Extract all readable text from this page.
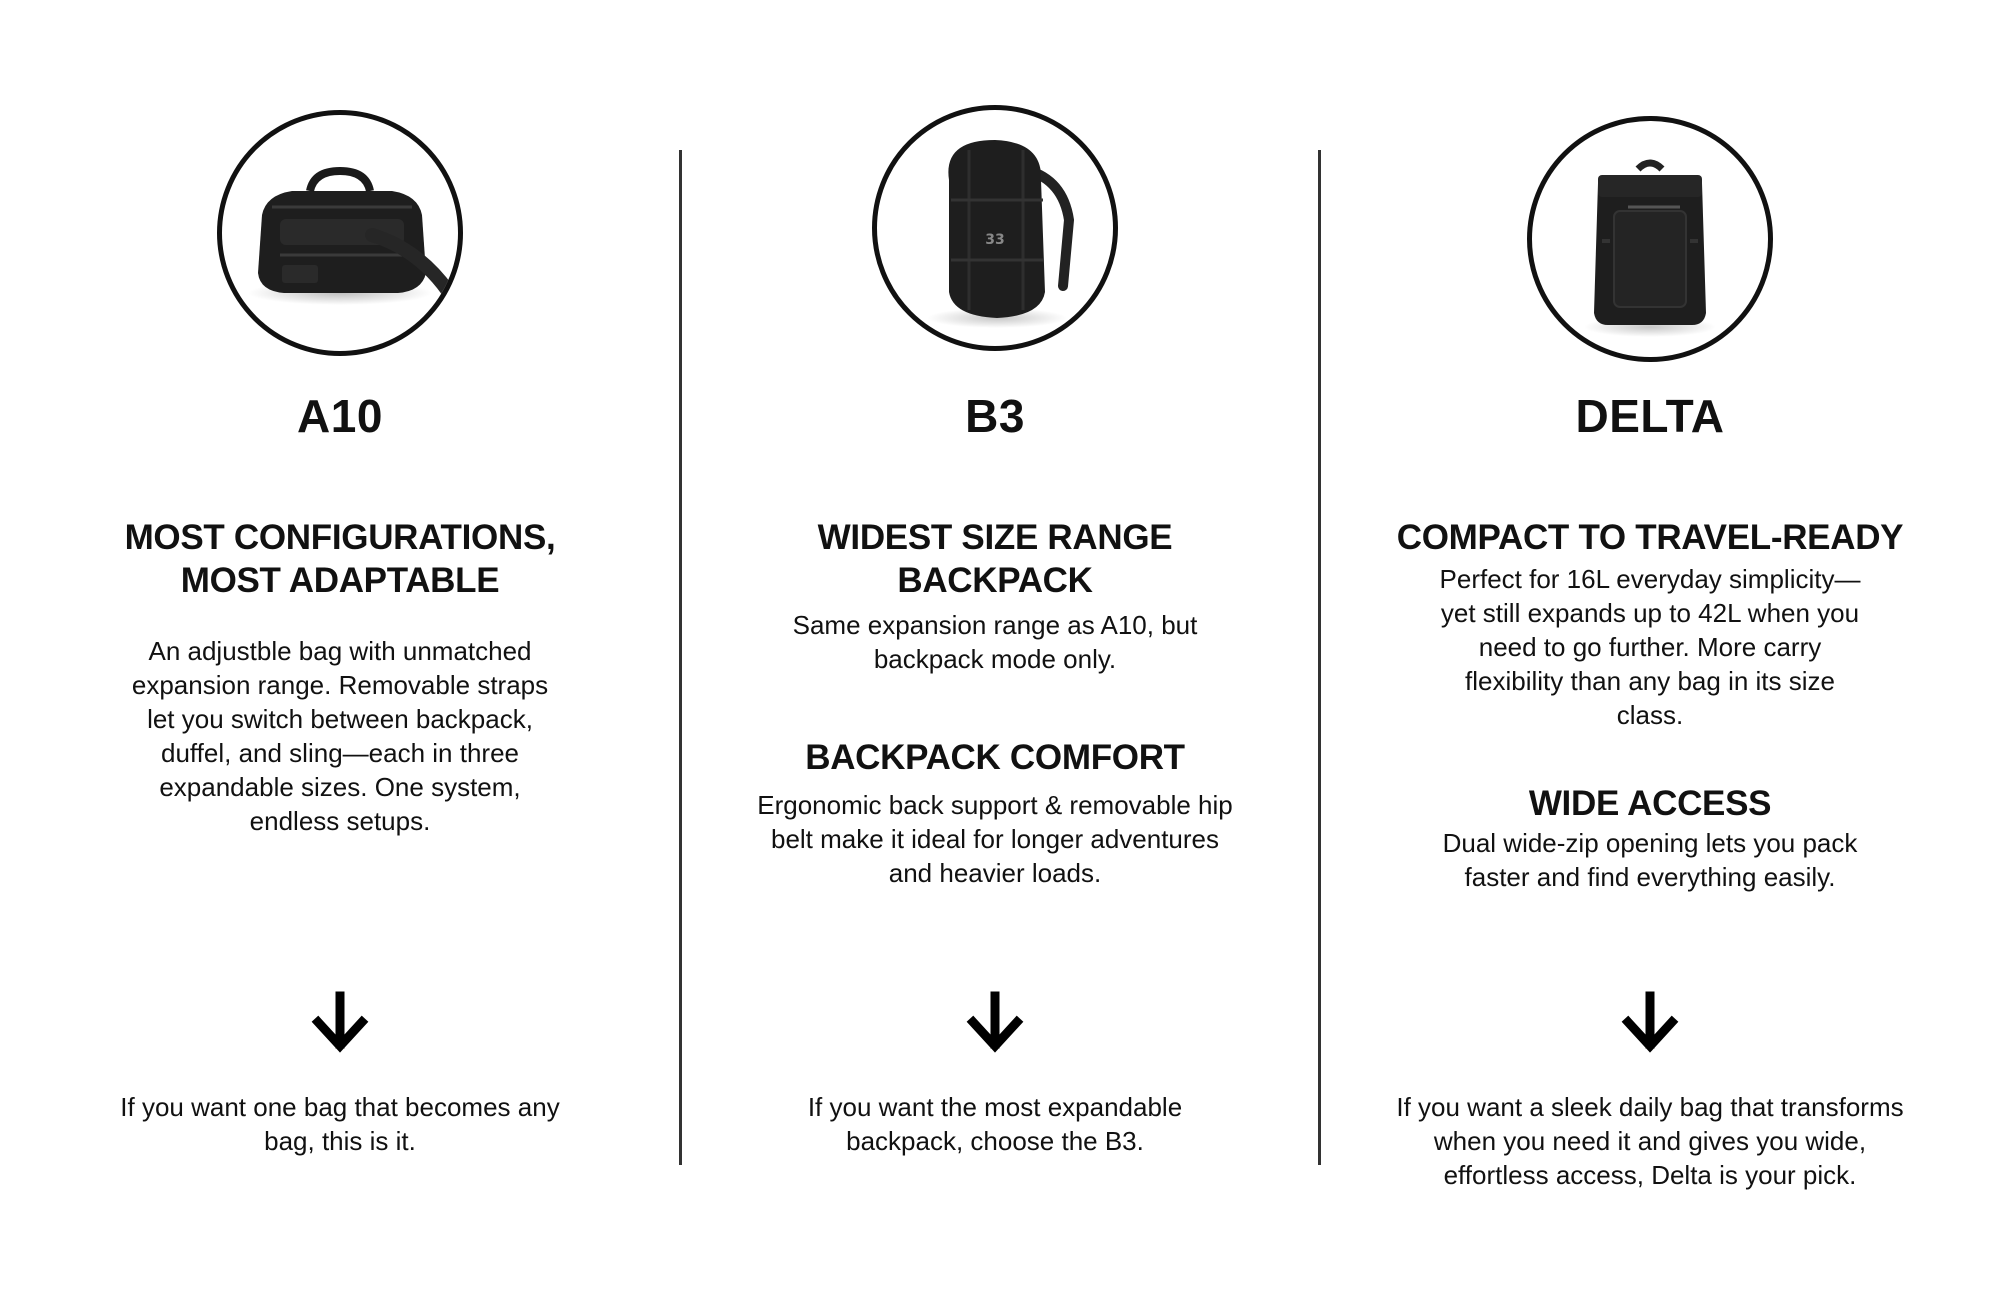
A10
MOST CONFIGURATIONS, MOST ADAPTABLE

An adjustble bag with unmatched expansion range. Removable straps let you switch between backpack, duffel, and sling—each in three expandable sizes. One system, endless setups.

If you want one bag that becomes any bag, this is it.

33
B3
WIDEST SIZE RANGE BACKPACK

Same expansion range as A10, but backpack mode only.

BACKPACK COMFORT

Ergonomic back support & removable hip belt make it ideal for longer adventures and heavier loads.

If you want the most expandable backpack, choose the B3.

DELTA
COMPACT TO TRAVEL-READY

Perfect for 16L everyday simplicity—yet still expands up to 42L when you need to go further. More carry flexibility than any bag in its size class.

WIDE ACCESS

Dual wide-zip opening lets you pack faster and find everything easily.

If you want a sleek daily bag that transforms when you need it and gives you wide, effortless access, Delta is your pick.
